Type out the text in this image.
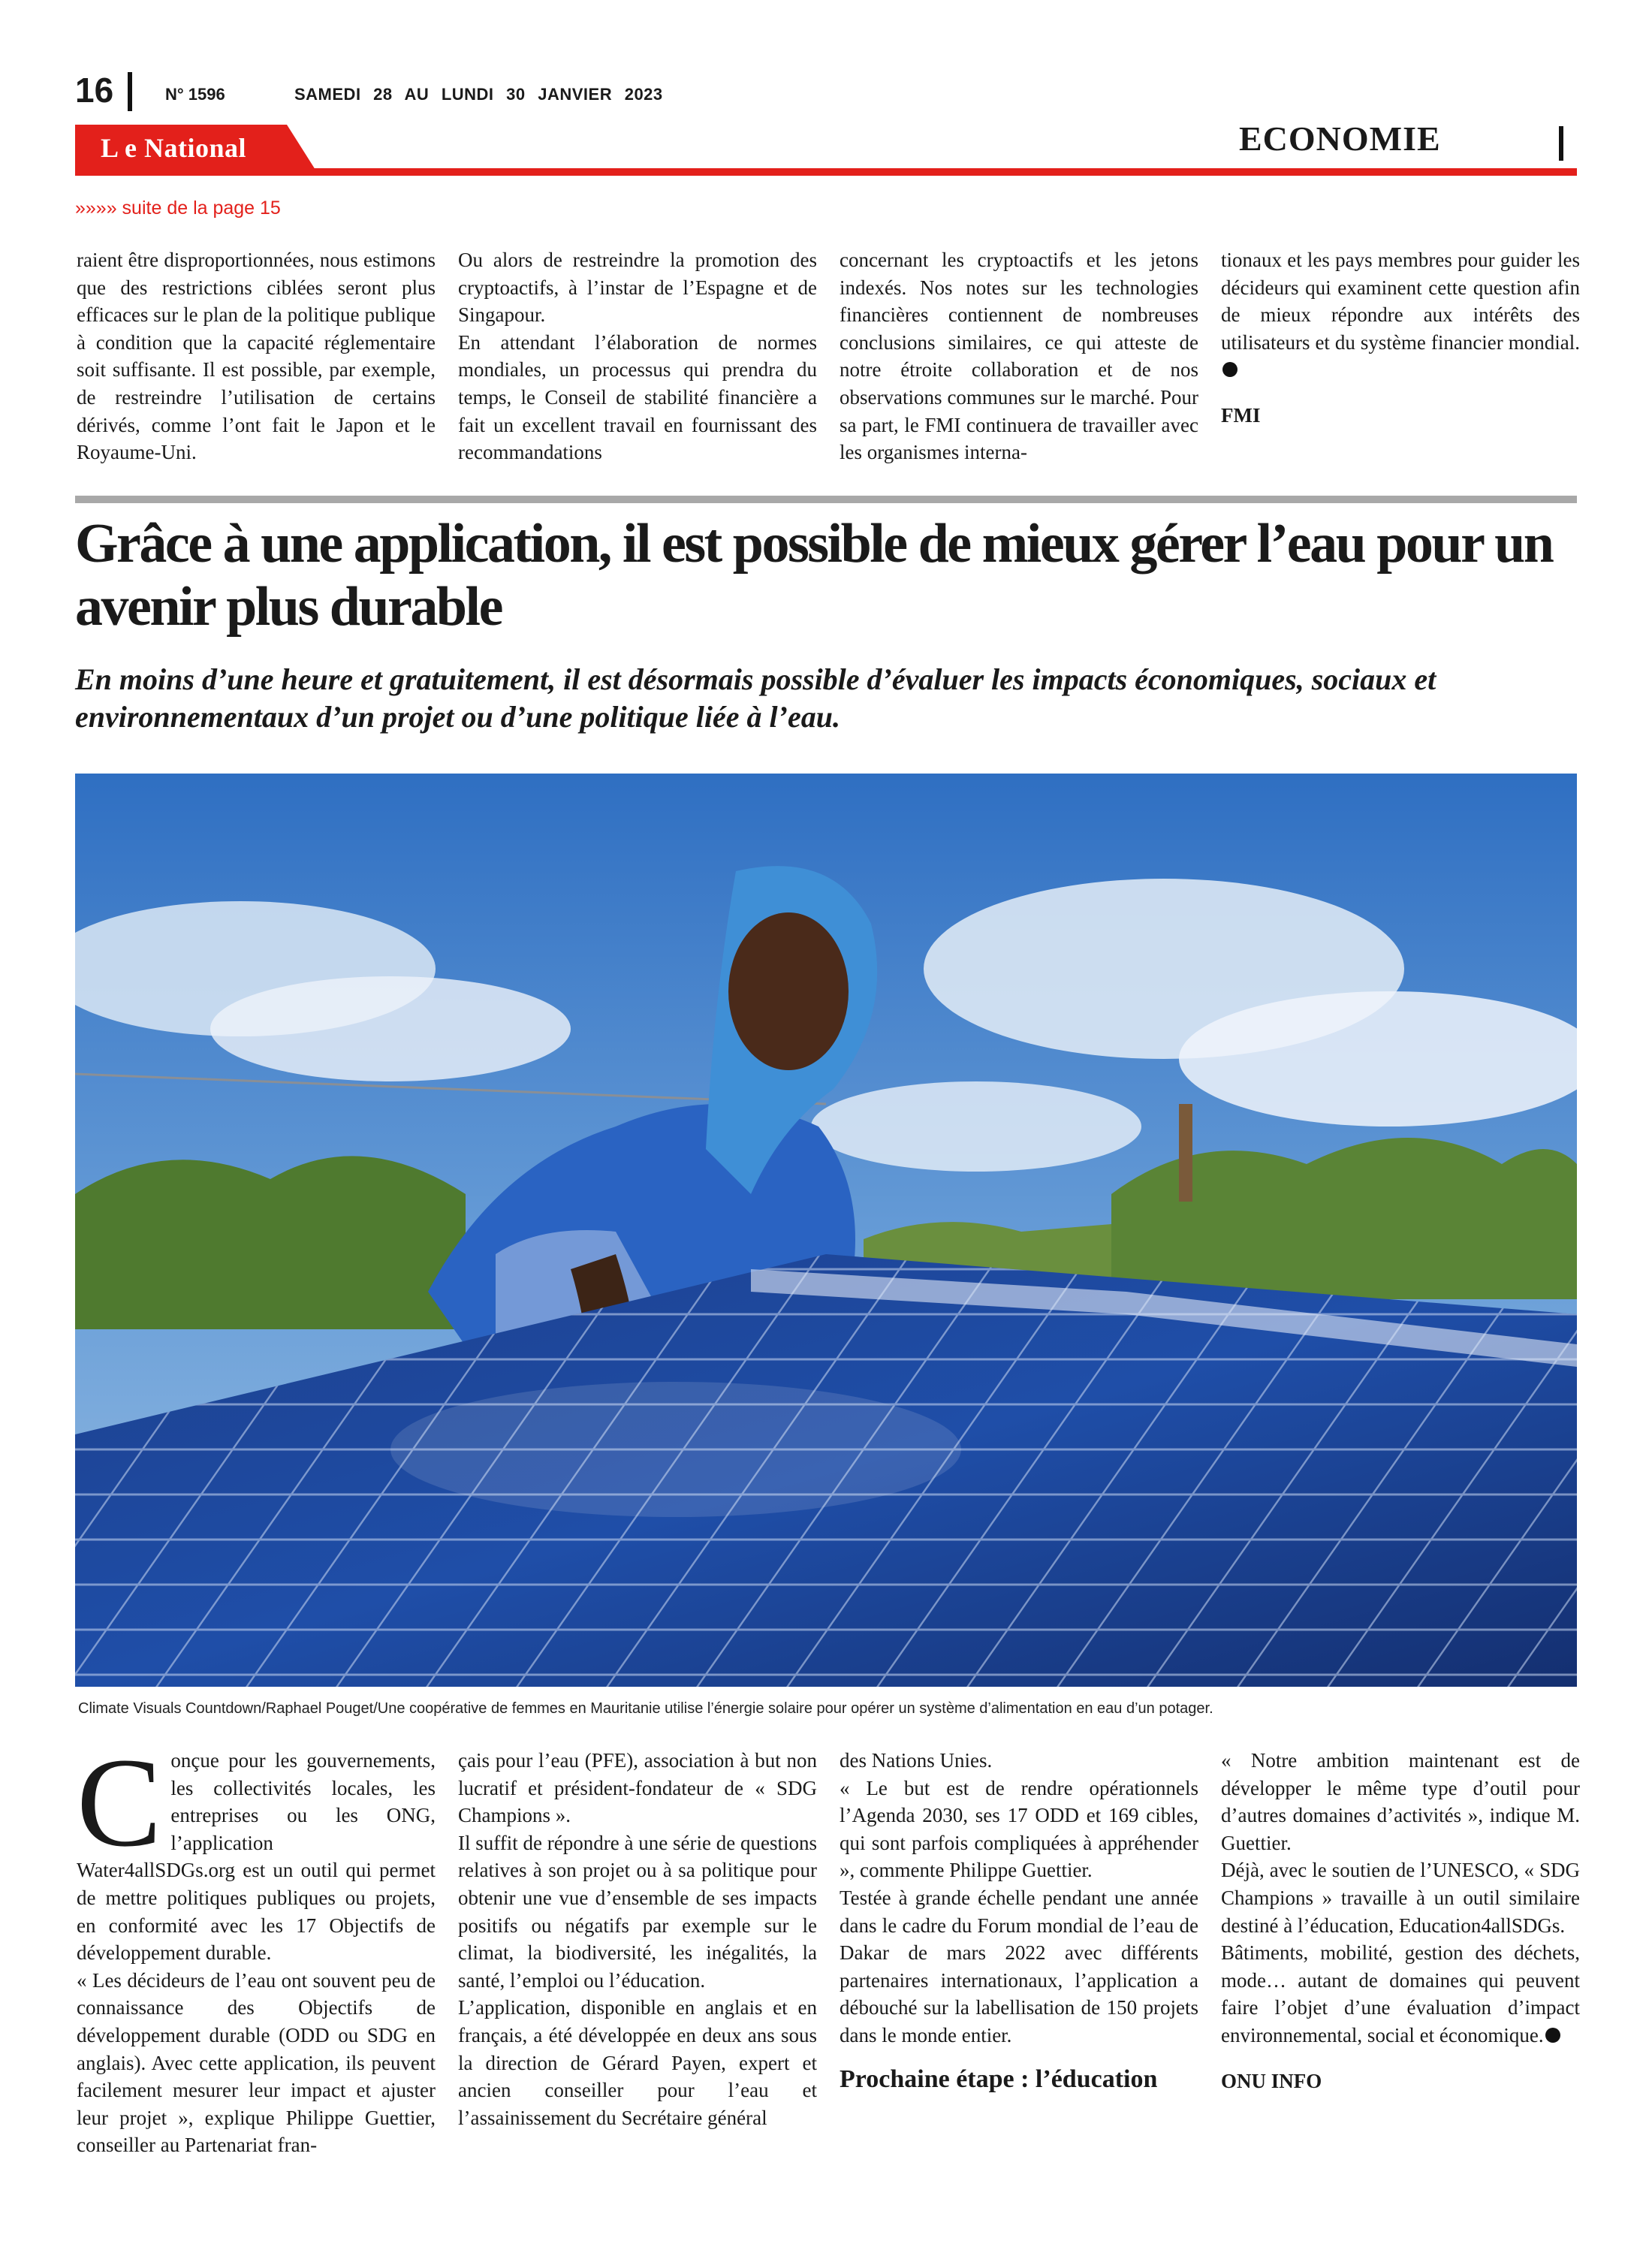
16	N° 1596	SAMEDI 28 AU LUNDI 30 JANVIER 2023
L e National	ECONOMIE
»»»» suite de la page 15

raient être disproportionnées, nous estimons que des restrictions ciblées seront plus efficaces sur le plan de la politique publique à condition que la capacité réglementaire soit suffisante. Il est possible, par exemple, de restreindre l’utilisation de certains dérivés, comme l’ont fait le Japon et le Royaume-Uni.

Ou alors de restreindre la promotion des cryptoactifs, à l’instar de l’Espagne et de Singapour.

En attendant l’élaboration de normes mondiales, un processus qui prendra du temps, le Conseil de stabilité financière a fait un excellent travail en fournissant des recommandations

concernant les cryptoactifs et les jetons indexés. Nos notes sur les technologies financières contiennent de nombreuses conclusions similaires, ce qui atteste de notre étroite collaboration et de nos observations communes sur le marché. Pour sa part, le FMI continuera de travailler avec les organismes interna-

tionaux et les pays membres pour guider les décideurs qui examinent cette question afin de mieux répondre aux intérêts des utilisateurs et du système financier mondial.

FMI

Grâce à une application, il est possible de mieux gérer l’eau pour un avenir plus durable
En moins d’une heure et gratuitement, il est désormais possible d’évaluer les impacts économiques, sociaux et environnementaux d’un projet ou d’une politique liée à l’eau.
Climate Visuals Countdown/Raphael Pouget/Une coopérative de femmes en Mauritanie utilise l’énergie solaire pour opérer un système d’alimentation en eau d’un potager.

Conçue pour les gouvernements, les collectivités locales, les entreprises ou les ONG, l’application Water4allSDGs.org est un outil qui permet de mettre politiques publiques ou projets, en conformité avec les 17 Objectifs de développement durable.

« Les décideurs de l’eau ont souvent peu de connaissance des Objectifs de développement durable (ODD ou SDG en anglais). Avec cette application, ils peuvent facilement mesurer leur impact et ajuster leur projet », explique Philippe Guettier, conseiller au Partenariat fran-

çais pour l’eau (PFE), association à but non lucratif et président-fondateur de « SDG Champions ».

Il suffit de répondre à une série de questions relatives à son projet ou à sa politique pour obtenir une vue d’ensemble de ses impacts positifs ou négatifs par exemple sur le climat, la biodiversité, les inégalités, la santé, l’emploi ou l’éducation.

L’application, disponible en anglais et en français, a été développée en deux ans sous la direction de Gérard Payen, expert et ancien conseiller pour l’eau et l’assainissement du Secrétaire général

des Nations Unies.

« Le but est de rendre opérationnels l’Agenda 2030, ses 17 ODD et 169 cibles, qui sont parfois compliquées à appréhender », commente Philippe Guettier.

Testée à grande échelle pendant une année dans le cadre du Forum mondial de l’eau de Dakar de mars 2022 avec différents partenaires internationaux, l’application a débouché sur la labellisation de 150 projets dans le monde entier.

Prochaine étape : l’éducation

« Notre ambition maintenant est de développer le même type d’outil pour d’autres domaines d’activités », indique M. Guettier.

Déjà, avec le soutien de l’UNESCO, « SDG Champions » travaille à un outil similaire destiné à l’éducation, Education4allSDGs.

Bâtiments, mobilité, gestion des déchets, mode… autant de domaines qui peuvent faire l’objet d’une évaluation d’impact environnemental, social et économique.

ONU INFO
